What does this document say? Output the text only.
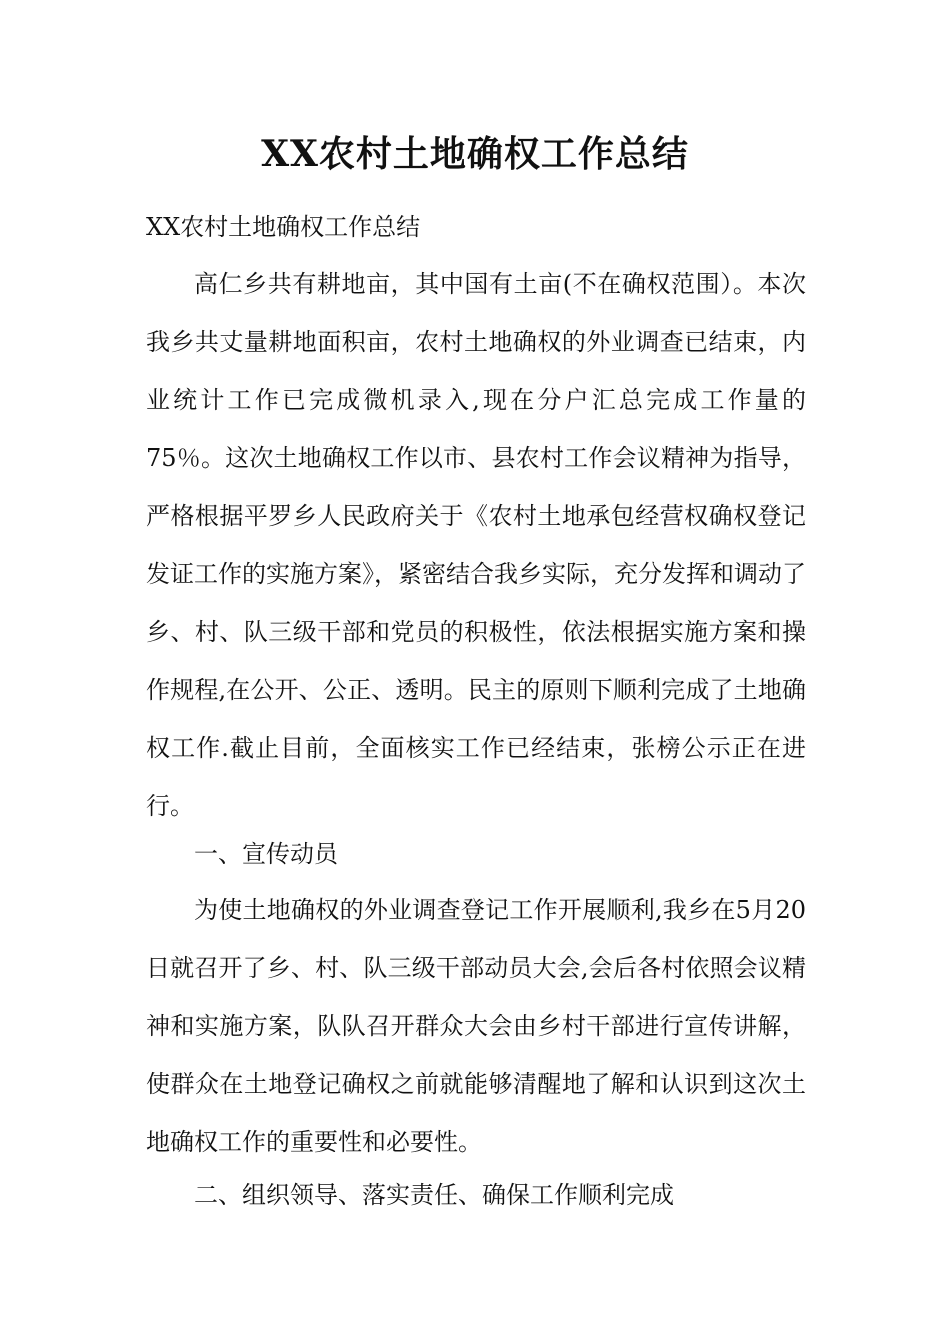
XX农村土地确权工作总结

XX农村土地确权工作总结

高仁乡共有耕地亩，其中国有土亩(不在确权范围）。本次我乡共丈量耕地面积亩，农村土地确权的外业调查已结束，内业统计工作已完成微机录入,现在分户汇总完成工作量的75％。这次土地确权工作以市、县农村工作会议精神为指导，严格根据平罗乡人民政府关于《农村土地承包经营权确权登记发证工作的实施方案》，紧密结合我乡实际，充分发挥和调动了乡、村、队三级干部和党员的积极性，依法根据实施方案和操作规程,在公开、公正、透明。民主的原则下顺利完成了土地确权工作.截止目前，全面核实工作已经结束，张榜公示正在进行。

一、宣传动员

为使土地确权的外业调查登记工作开展顺利,我乡在5月20日就召开了乡、村、队三级干部动员大会,会后各村依照会议精神和实施方案，队队召开群众大会由乡村干部进行宣传讲解，使群众在土地登记确权之前就能够清醒地了解和认识到这次土地确权工作的重要性和必要性。

二、组织领导、落实责任、确保工作顺利完成
